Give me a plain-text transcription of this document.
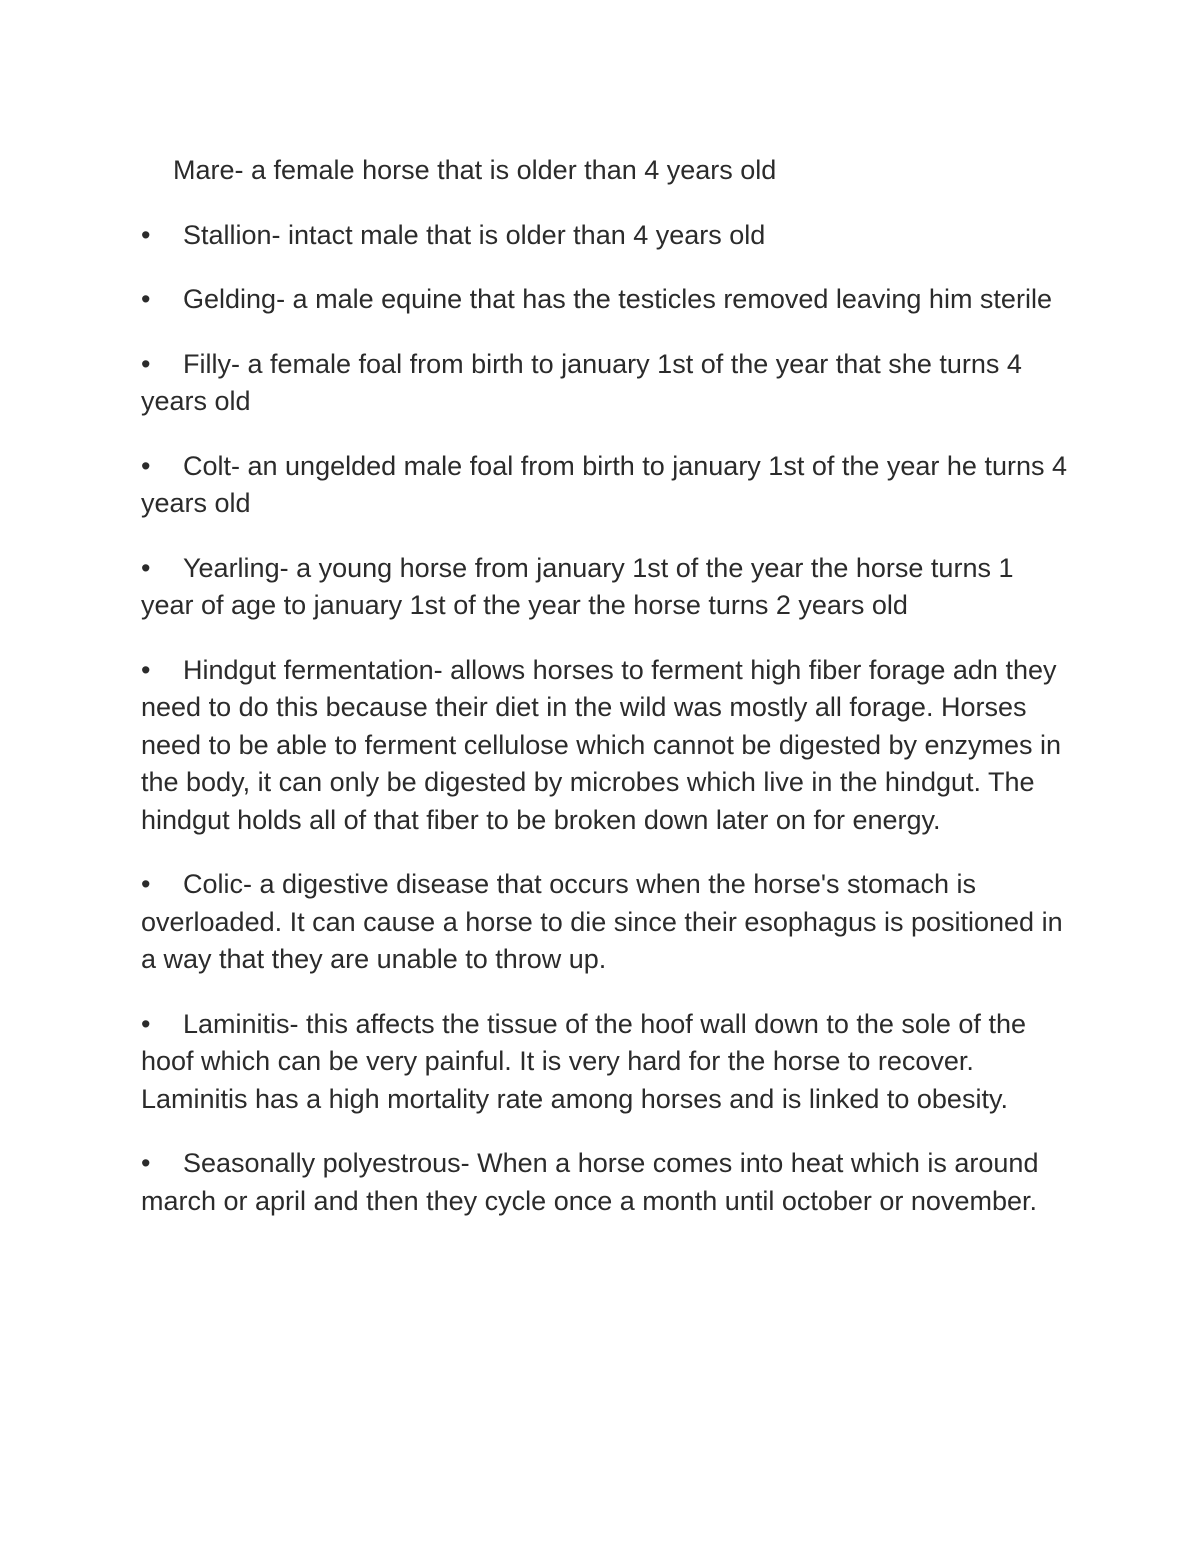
Mare- a female horse that is older than 4 years old

• Stallion- intact male that is older than 4 years old

• Gelding- a male equine that has the testicles removed leaving him sterile

• Filly- a female foal from birth to january 1st of the year that she turns 4 years old

• Colt- an ungelded male foal from birth to january 1st of the year he turns 4 years old

• Yearling- a young horse from january 1st of the year the horse turns 1 year of age to january 1st of the year the horse turns 2 years old

• Hindgut fermentation- allows horses to ferment high fiber forage adn they need to do this because their diet in the wild was mostly all forage. Horses need to be able to ferment cellulose which cannot be digested by enzymes in the body, it can only be digested by microbes which live in the hindgut. The hindgut holds all of that fiber to be broken down later on for energy.

• Colic- a digestive disease that occurs when the horse's stomach is overloaded. It can cause a horse to die since their esophagus is positioned in a way that they are unable to throw up.

• Laminitis- this affects the tissue of the hoof wall down to the sole of the hoof which can be very painful. It is very hard for the horse to recover. Laminitis has a high mortality rate among horses and is linked to obesity.

• Seasonally polyestrous- When a horse comes into heat which is around march or april and then they cycle once a month until october or november.
